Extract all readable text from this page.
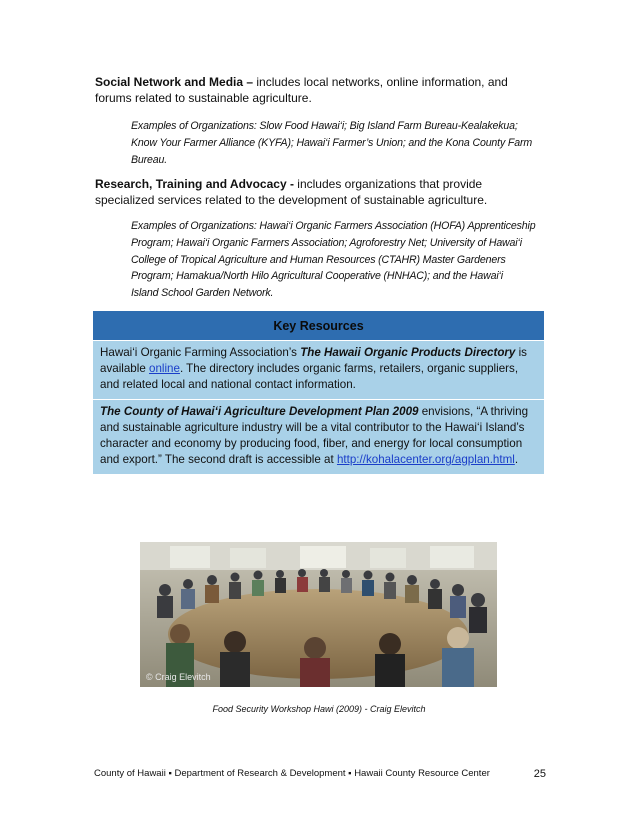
Social Network and Media – includes local networks, online information, and
forums related to sustainable agriculture.
Examples of Organizations: Slow Food Hawai‘i; Big Island Farm Bureau-Kealakekua;
Know Your Farmer Alliance (KYFA); Hawai‘i Farmer’s Union; and the Kona County Farm
Bureau.
Research, Training and Advocacy - includes organizations that provide
specialized services related to the development of sustainable agriculture.
Examples of Organizations: Hawai‘i Organic Farmers Association (HOFA) Apprenticeship
Program; Hawai‘i Organic Farmers Association; Agroforestry Net; University of Hawai‘i
College of Tropical Agriculture and Human Resources (CTAHR) Master Gardeners
Program; Hamakua/North Hilo Agricultural Cooperative (HNHAC); and the Hawai‘i
Island School Garden Network.
Key Resources
Hawai‘i Organic Farming Association’s The Hawaii Organic Products Directory is available online. The directory includes organic farms, retailers, organic suppliers, and related local and national contact information.
The County of Hawai‘i Agriculture Development Plan 2009 envisions, “A thriving and sustainable agriculture industry will be a vital contributor to the Hawai‘i Island’s character and economy by producing food, fiber, and energy for local consumption and export.” The second draft is accessible at http://kohalacenter.org/agplan.html.
© Craig Elevitch
Food Security Workshop Hawi (2009) - Craig Elevitch
County of Hawaii ▪ Department of Research & Development ▪ Hawaii County Resource Center	25
